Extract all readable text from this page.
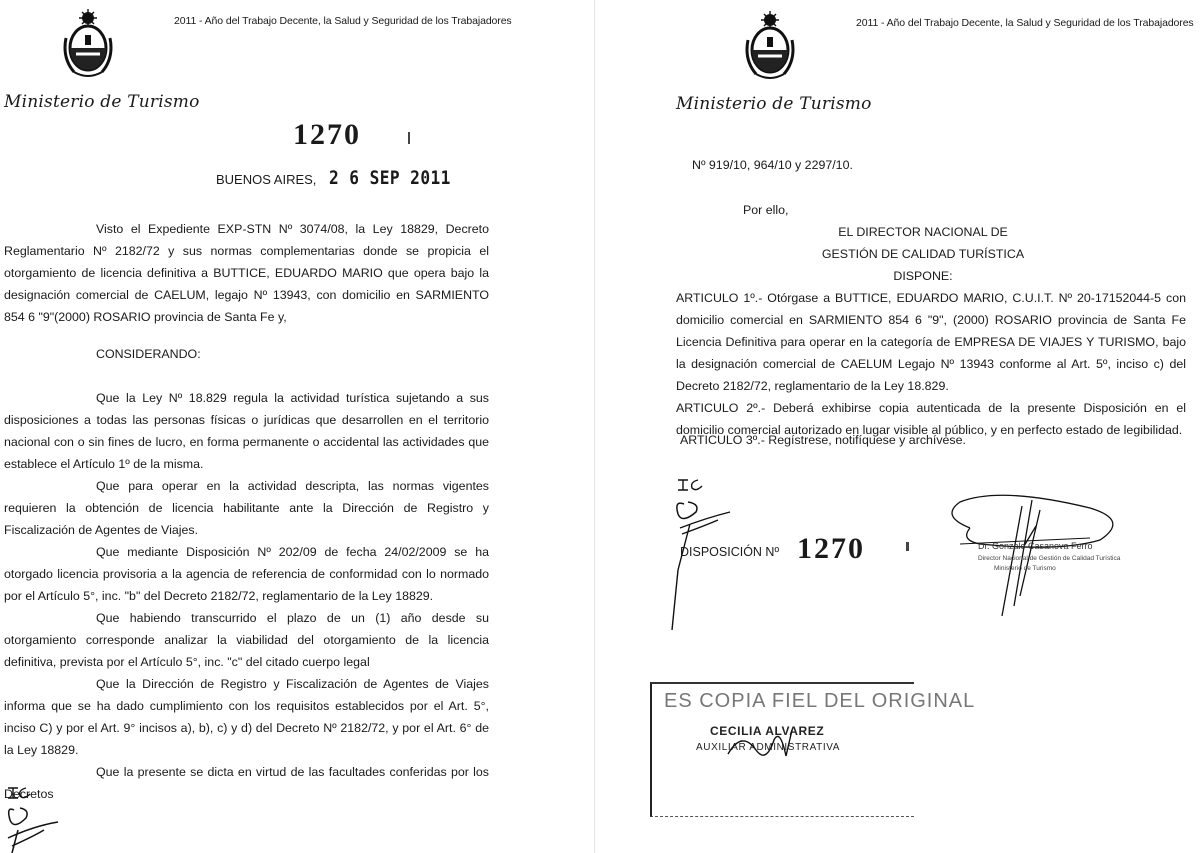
2011 - Año del Trabajo Decente, la Salud y Seguridad de los Trabajadores
Ministerio de Turismo
1270
BUENOS AIRES, 2 6 SEP 2011

Visto el Expediente EXP-STN Nº 3074/08, la Ley 18829, Decreto Reglamentario Nº 2182/72 y sus normas complementarias donde se propicia el otorgamiento de licencia definitiva a BUTTICE, EDUARDO MARIO que opera bajo la designación comercial de CAELUM, legajo Nº 13943, con domicilio en SARMIENTO 854 6 "9"(2000) ROSARIO provincia de Santa Fe y,

CONSIDERANDO:

Que la Ley Nº 18.829 regula la actividad turística sujetando a sus disposiciones a todas las personas físicas o jurídicas que desarrollen en el territorio nacional con o sin fines de lucro, en forma permanente o accidental las actividades que establece el Artículo 1º de la misma.

Que para operar en la actividad descripta, las normas vigentes requieren la obtención de licencia habilitante ante la Dirección de Registro y Fiscalización de Agentes de Viajes.

Que mediante Disposición Nº 202/09 de fecha 24/02/2009 se ha otorgado licencia provisoria a la agencia de referencia de conformidad con lo normado por el Artículo 5°, inc. "b" del Decreto 2182/72, reglamentario de la Ley 18829.

Que habiendo transcurrido el plazo de un (1) año desde su otorgamiento corresponde analizar la viabilidad del otorgamiento de la licencia definitiva, prevista por el Artículo 5°, inc. "c" del citado cuerpo legal

Que la Dirección de Registro y Fiscalización de Agentes de Viajes informa que se ha dado cumplimiento con los requisitos establecidos por el Art. 5°, inciso C) y por el Art. 9° incisos a), b), c) y d) del Decreto Nº 2182/72, y por el Art. 6° de la Ley 18829.

Que la presente se dicta en virtud de las facultades conferidas por los Decretos

2011 - Año del Trabajo Decente, la Salud y Seguridad de los Trabajadores
Ministerio de Turismo

Nº 919/10, 964/10 y 2297/10.

Por ello,

EL DIRECTOR NACIONAL DE

GESTIÓN DE CALIDAD TURÍSTICA

DISPONE:

ARTICULO 1º.- Otórgase a BUTTICE, EDUARDO MARIO, C.U.I.T. Nº 20-17152044-5 con domicilio comercial en SARMIENTO 854 6 "9", (2000) ROSARIO provincia de Santa Fe Licencia Definitiva para operar en la categoría de EMPRESA DE VIAJES Y TURISMO, bajo la designación comercial de CAELUM Legajo Nº 13943 conforme al Art. 5º, inciso c) del Decreto 2182/72, reglamentario de la Ley 18.829.

ARTICULO 2º.- Deberá exhibirse copia autenticada de la presente Disposición en el domicilio comercial autorizado en lugar visible al público, y en perfecto estado de legibilidad.

ARTICULO 3º.- Regístrese, notifíquese y archívese.

DISPOSICIÓN Nº 1270	Dr. Gonzalo Casanova Ferro
Director Nacional de Gestión de Calidad Turística
Ministerio de Turismo
ES COPIA FIEL DEL ORIGINAL
CECILIA ALVAREZ
AUXILIAR ADMINISTRATIVA
